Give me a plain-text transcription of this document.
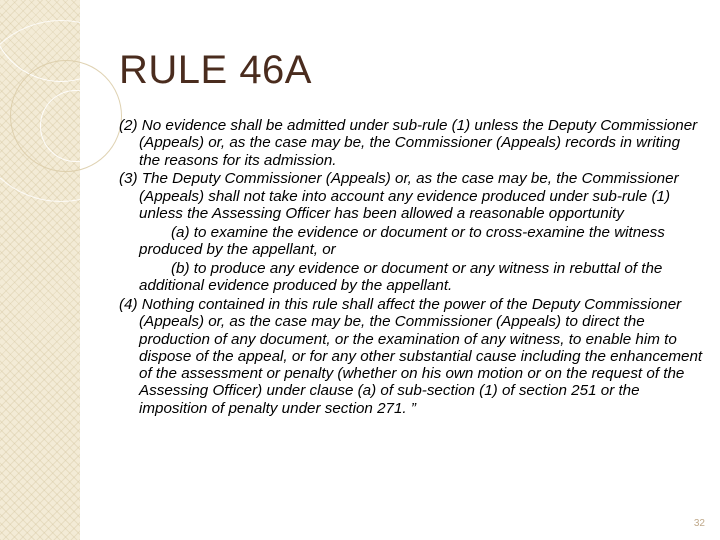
RULE 46A

(2) No evidence shall be admitted under sub-rule (1) unless the Deputy Commissioner (Appeals) or, as the case may be, the Commissioner (Appeals) records in writing the reasons for its admission.

(3) The Deputy Commissioner (Appeals) or, as the case may be, the Commissioner (Appeals) shall not take into account any evidence produced under sub-rule (1) unless the Assessing Officer has been allowed a reasonable opportunity

(a) to examine the evidence or document or to cross-examine the witness produced by the appellant, or

(b) to produce any evidence or document or any witness in rebuttal of the additional evidence produced by the appellant.

(4) Nothing contained in this rule shall affect the power of the Deputy Commissioner (Appeals) or, as the case may be, the Commissioner (Appeals) to direct the production of any document, or the examination of any witness, to enable him to dispose of the appeal, or for any other substantial cause including the enhancement of the assessment or penalty (whether on his own motion or on the request of the Assessing Officer) under clause (a) of sub-section (1) of section 251 or the imposition of penalty under section 271. ”

32
